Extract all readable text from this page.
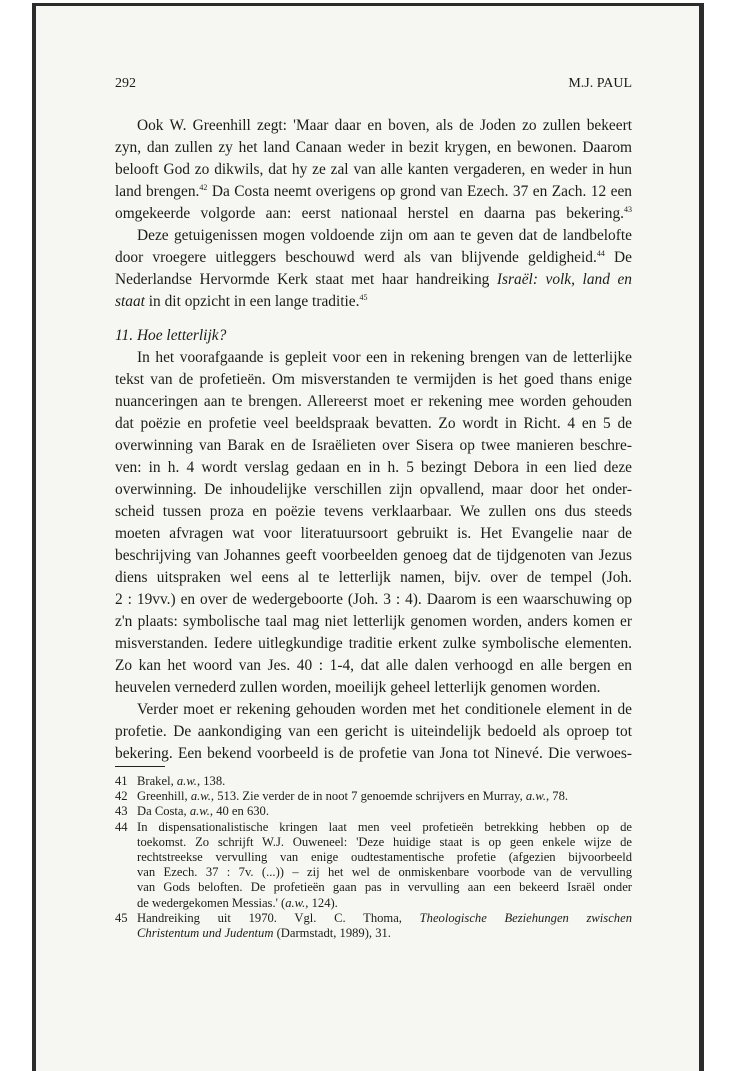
292	M.J. PAUL
Ook W. Greenhill zegt: 'Maar daar en boven, als de Joden zo zullen bekeert
zyn, dan zullen zy het land Canaan weder in bezit krygen, en bewonen. Daarom
belooft God zo dikwils, dat hy ze zal van alle kanten vergaderen, en weder in hun
land brengen.$^{42}$ Da Costa neemt overigens op grond van Ezech. 37 en Zach. 12 een
omgekeerde volgorde aan: eerst nationaal herstel en daarna pas bekering.$^{43}$
Deze getuigenissen mogen voldoende zijn om aan te geven dat de landbelofte
door vroegere uitleggers beschouwd werd als van blijvende geldigheid.$^{44}$ De
Nederlandse Hervormde Kerk staat met haar handreiking Israël: volk, land en
staat in dit opzicht in een lange traditie.$^{45}$
11. Hoe letterlijk?
In het voorafgaande is gepleit voor een in rekening brengen van de letterlijke
tekst van de profetieën. Om misverstanden te vermijden is het goed thans enige
nuanceringen aan te brengen. Allereerst moet er rekening mee worden gehouden
dat poëzie en profetie veel beeldspraak bevatten. Zo wordt in Richt. 4 en 5 de
overwinning van Barak en de Israëlieten over Sisera op twee manieren beschre-
ven: in h. 4 wordt verslag gedaan en in h. 5 bezingt Debora in een lied deze
overwinning. De inhoudelijke verschillen zijn opvallend, maar door het onder-
scheid tussen proza en poëzie tevens verklaarbaar. We zullen ons dus steeds
moeten afvragen wat voor literatuursoort gebruikt is. Het Evangelie naar de
beschrijving van Johannes geeft voorbeelden genoeg dat de tijdgenoten van Jezus
diens uitspraken wel eens al te letterlijk namen, bijv. over de tempel (Joh.
2 : 19vv.) en over de wedergeboorte (Joh. 3 : 4). Daarom is een waarschuwing op
z'n plaats: symbolische taal mag niet letterlijk genomen worden, anders komen er
misverstanden. Iedere uitlegkundige traditie erkent zulke symbolische elementen.
Zo kan het woord van Jes. 40 : 1-4, dat alle dalen verhoogd en alle bergen en
heuvelen vernederd zullen worden, moeilijk geheel letterlijk genomen worden.
Verder moet er rekening gehouden worden met het conditionele element in de
profetie. De aankondiging van een gericht is uiteindelijk bedoeld als oproep tot
bekering. Een bekend voorbeeld is de profetie van Jona tot Ninevé. Die verwoes-
41 Brakel, a.w., 138.
42 Greenhill, a.w., 513. Zie verder de in noot 7 genoemde schrijvers en Murray, a.w., 78.
43 Da Costa, a.w., 40 en 630.
44 In dispensationalistische kringen laat men veel profetieën betrekking hebben op de
toekomst. Zo schrijft W.J. Ouweneel: 'Deze huidige staat is op geen enkele wijze de
rechtstreekse vervulling van enige oudtestamentische profetie (afgezien bijvoorbeeld
van Ezech. 37 : 7v. (...)) – zij het wel de onmiskenbare voorbode van de vervulling
van Gods beloften. De profetieën gaan pas in vervulling aan een bekeerd Israël onder
de wedergekomen Messias.' (a.w., 124).
45 Handreiking uit 1970. Vgl. C. Thoma, Theologische Beziehungen zwischen
Christentum und Judentum (Darmstadt, 1989), 31.
